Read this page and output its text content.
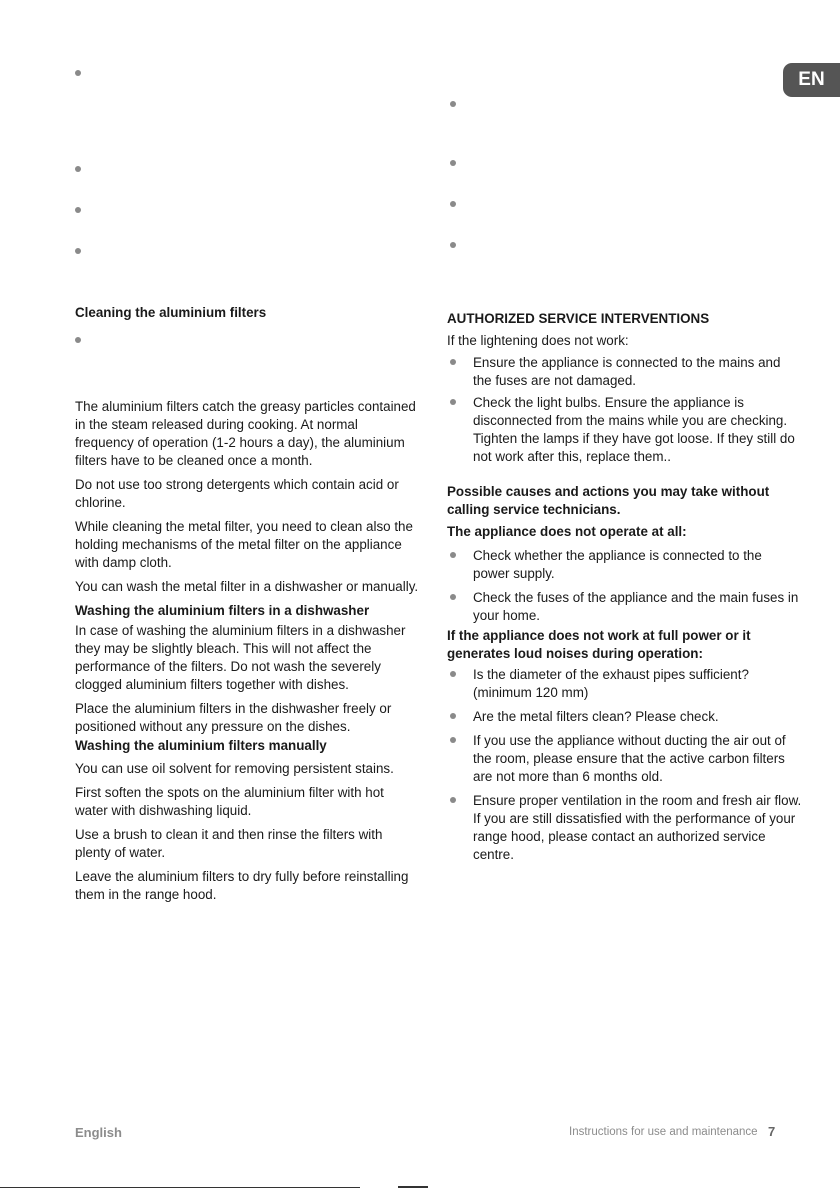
EN
Cleaning the aluminium filters

The aluminium filters catch the greasy particles contained in the steam released during cooking. At normal frequency of operation (1-2 hours a day), the aluminium filters have to be cleaned once a month.

Do not use too strong detergents which contain acid or chlorine.

While cleaning the metal filter, you need to clean also the holding mechanisms of the metal filter on the appliance with damp cloth.

You can wash the metal filter in a dishwasher or manually.

Washing the aluminium filters in a dishwasher

In case of washing the aluminium filters in a dishwasher they may be slightly bleach. This will not affect the performance of the filters. Do not wash the severely clogged aluminium filters together with dishes.

Place the aluminium filters in the dishwasher freely or positioned without any pressure on the dishes.

Washing the aluminium filters manually

You can use oil solvent for removing persistent stains.

First soften the spots on the aluminium filter with hot water with dishwashing liquid.

Use a brush to clean it and then rinse the filters with plenty of water.

Leave the aluminium filters to dry fully before reinstalling them in the range hood.

AUTHORIZED SERVICE INTERVENTIONS
If the lightening does not work:
Ensure the appliance is connected to the mains and the fuses are not damaged.
Check the light bulbs. Ensure the appliance is disconnected from the mains while you are checking. Tighten the lamps if they have got loose. If they still do not work after this, replace them..
Possible causes and actions you may take without calling service technicians.
The appliance does not operate at all:
Check whether the appliance is connected to the power supply.
Check the fuses of the appliance and the main fuses in your home.
If the appliance does not work at full power or it generates loud noises during operation:
Is the diameter of the exhaust pipes sufficient? (minimum 120 mm)
Are the metal filters clean? Please check.
If you use the appliance without ducting the air out of the room, please ensure that the active carbon filters are not more than 6 months old.
Ensure proper ventilation in the room and fresh air flow. If you are still dissatisfied with the performance of your range hood, please contact an authorized service centre.
English	Instructions for use and maintenance 7
